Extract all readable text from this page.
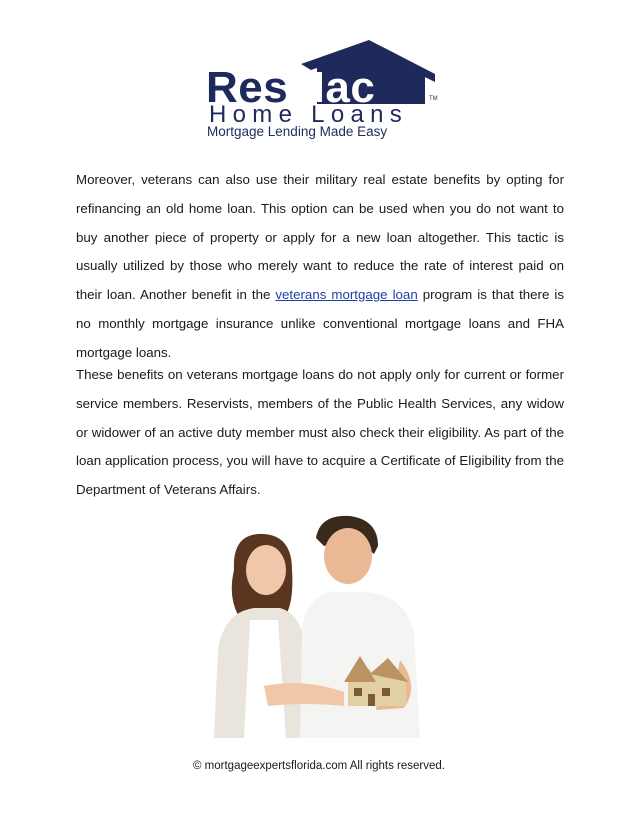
ResMac	TM
Home Loans
Mortgage Lending Made Easy
Moreover, veterans can also use their military real estate benefits by opting for refinancing an old home loan. This option can be used when you do not want to buy another piece of property or apply for a new loan altogether. This tactic is usually utilized by those who merely want to reduce the rate of interest paid on their loan. Another benefit in the veterans mortgage loan program is that there is no monthly mortgage insurance unlike conventional mortgage loans and FHA mortgage loans.
These benefits on veterans mortgage loans do not apply only for current or former service members. Reservists, members of the Public Health Services, any widow or widower of an active duty member must also check their eligibility. As part of the loan application process, you will have to acquire a Certificate of Eligibility from the Department of Veterans Affairs.
© mortgageexpertsflorida.com All rights reserved.
